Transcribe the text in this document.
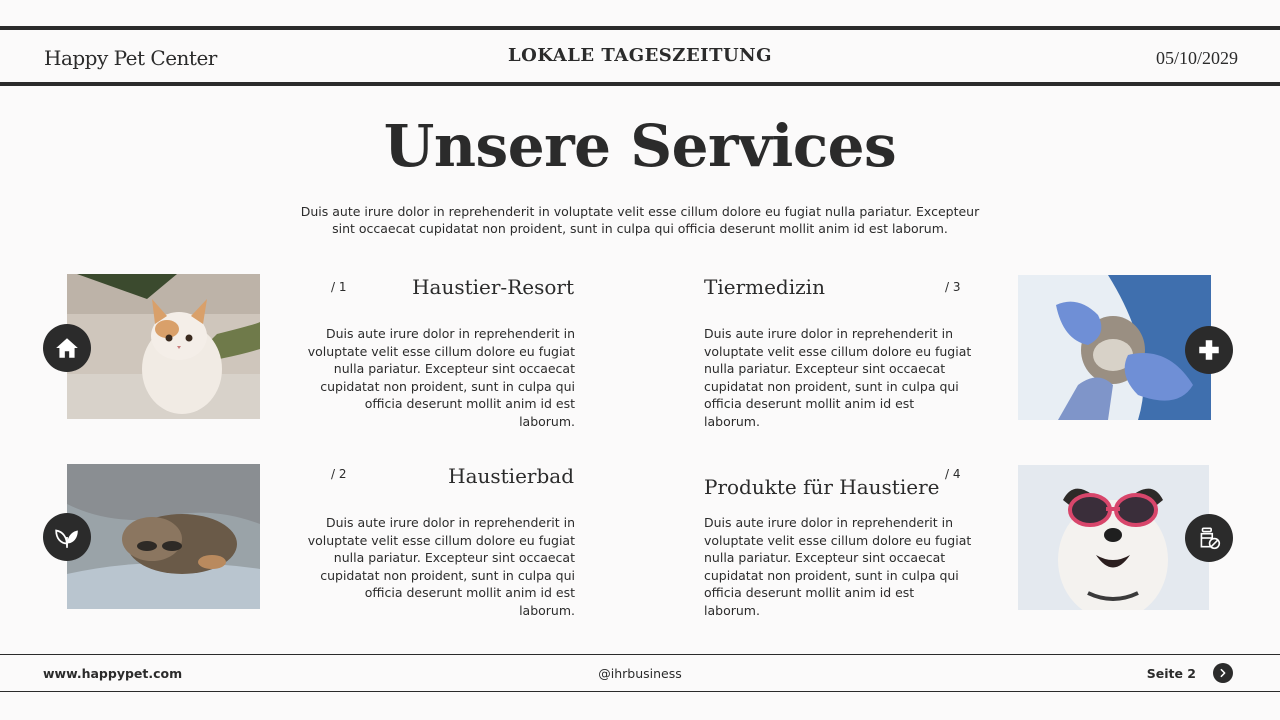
Happy Pet Center	LOKALE TAGESZEITUNG	05/10/2029
Unsere Services

Duis aute irure dolor in reprehenderit in voluptate velit esse cillum dolore eu fugiat nulla pariatur. Excepteur sint occaecat cupidatat non proident, sunt in culpa qui officia deserunt mollit anim id est laborum.

/ 1	Haustier-Resort

Duis aute irure dolor in reprehenderit in voluptate velit esse cillum dolore eu fugiat nulla pariatur. Excepteur sint occaecat cupidatat non proident, sunt in culpa qui officia deserunt mollit anim id est laborum.

/ 2	Haustierbad

Duis aute irure dolor in reprehenderit in voluptate velit esse cillum dolore eu fugiat nulla pariatur. Excepteur sint occaecat cupidatat non proident, sunt in culpa qui officia deserunt mollit anim id est laborum.

Tiermedizin	/ 3

Duis aute irure dolor in reprehenderit in voluptate velit esse cillum dolore eu fugiat nulla pariatur. Excepteur sint occaecat cupidatat non proident, sunt in culpa qui officia deserunt mollit anim id est laborum.

Produkte für Haustiere
/ 4

Duis aute irure dolor in reprehenderit in voluptate velit esse cillum dolore eu fugiat nulla pariatur. Excepteur sint occaecat cupidatat non proident, sunt in culpa qui officia deserunt mollit anim id est laborum.

www.happypet.com	@ihrbusiness	Seite 2
